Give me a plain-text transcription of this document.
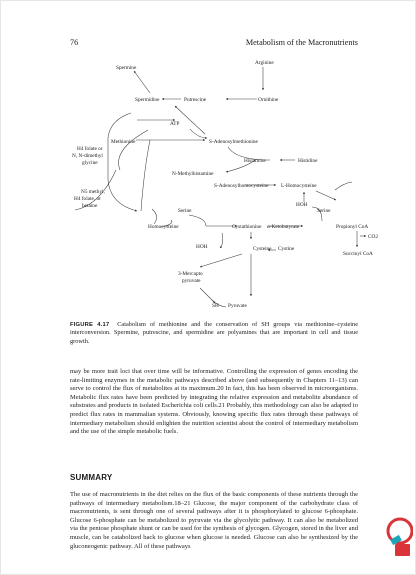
76	Metabolism of the Macronutrients
Spermine
Arginine
Spermidine	Putrescine	Ornithine
ATP
Methionine	S-Adenosylmethionine
H4 folate or
N, N-dimethyl
glycine	Histamine	Histidine
N-Methylhistamine
S-Adenosylhomocysteine L-Homocysteine
N5 methyl,
H4 folate, or
betaine	HOH
Serine	Serine
Homocysteine	Cystathionine α-Ketobutyrate	Propionyl CoA
CO2
HOH	Cysteine Cystine
Succinyl CoA
3-Mercapto
pyruvate
SH Pyruvate
FIGURE 4.17 Catabolism of methionine and the conservation of SH groups via methionine–cysteine interconversion. Spermine, putrescine, and spermidine are polyamines that are important in cell and tissue growth.

may be more trait loci that over time will be informative. Controlling the expression of genes encoding the rate-limiting enzymes in the metabolic pathways described above (and subsequently in Chapters 11–13) can serve to control the flux of metabolites at its maximum.20 In fact, this has been observed in microorganisms. Metabolic flux rates have been predicted by integrating the relative expression and metabolite abundance of substrates and products in isolated Escherichia coli cells.21 Probably, this methodology can also be adapted to predict flux rates in mammalian systems. Obviously, knowing specific flux rates through these pathways of intermediary metabolism should enlighten the nutrition scientist about the control of intermediary metabolism and the use of the simple metabolic fuels.

SUMMARY

The use of macronutrients in the diet relies on the flux of the basic components of these nutrients through the pathways of intermediary metabolism.18–21 Glucose, the major component of the carbohydrate class of macronutrients, is sent through one of several pathways after it is phosphorylated to glucose 6-phosphate. Glucose 6-phosphate can be metabolized to pyruvate via the glycolytic pathway. It can also be metabolized via the pentose phosphate shunt or can be used for the synthesis of glycogen. Glycogen, stored in the liver and muscle, can be catabolized back to glucose when glucose is needed. Glucose can also be synthesized by the gluconeogenic pathway. All of these pathways
